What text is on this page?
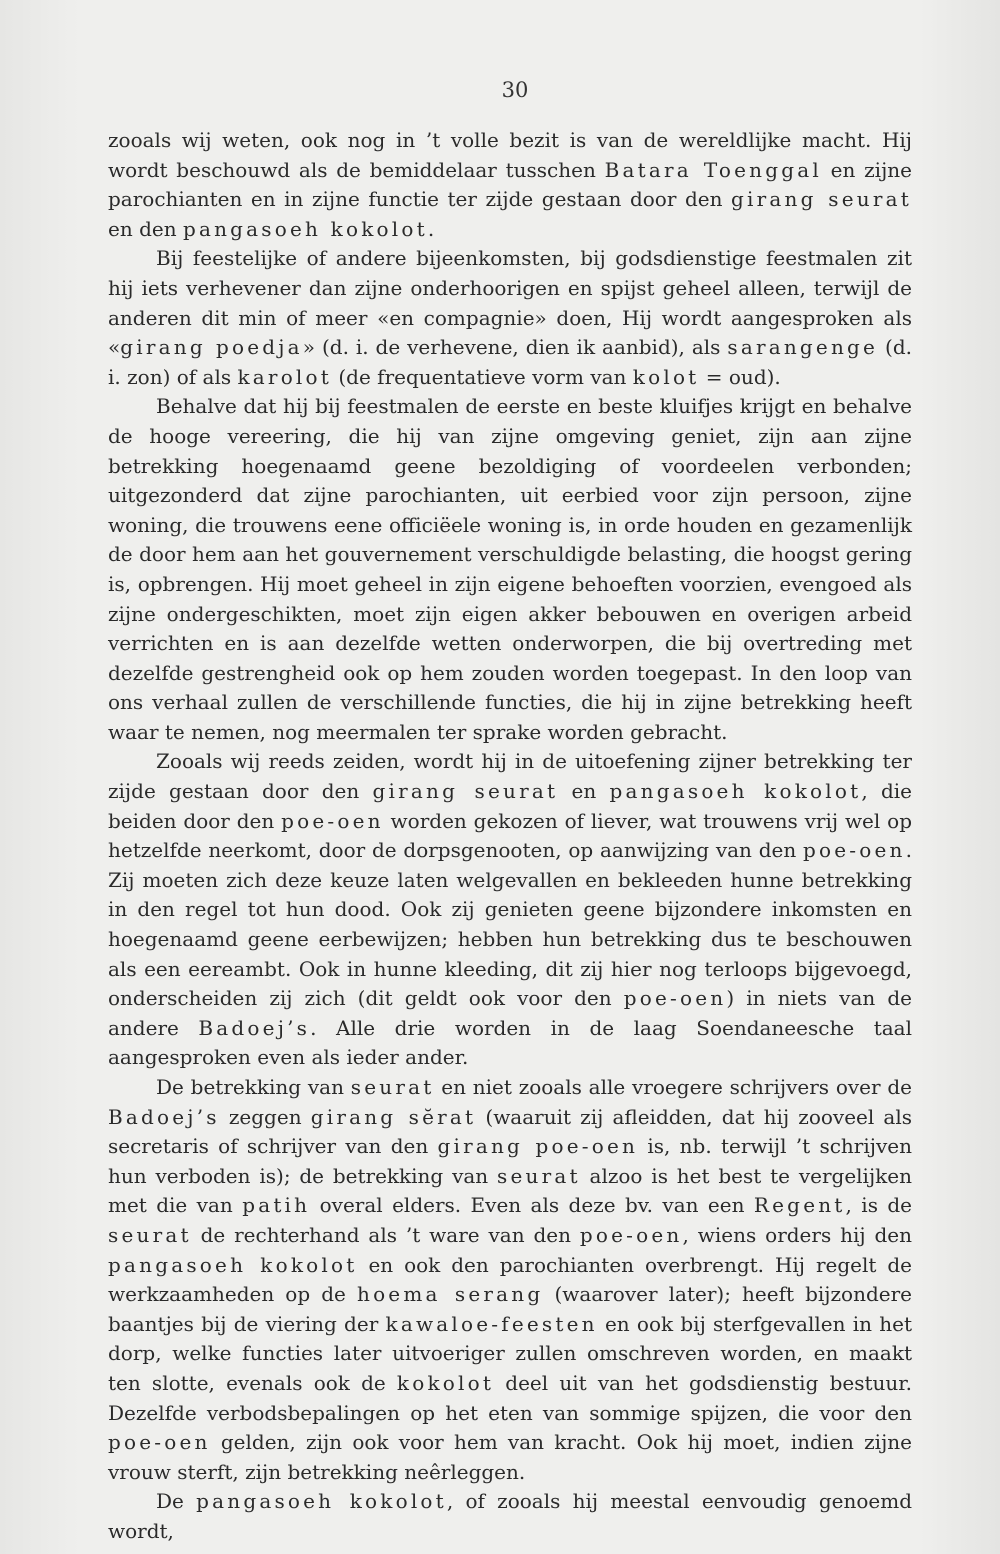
30

zooals wij weten, ook nog in ’t volle bezit is van de wereldlijke macht. Hij wordt beschouwd als de bemiddelaar tusschen Batara Toenggal en zijne parochianten en in zijne functie ter zijde gestaan door den girang seurat en den pangasoeh kokolot.

Bij feestelijke of andere bijeenkomsten, bij godsdienstige feestmalen zit hij iets verhevener dan zijne onderhoorigen en spijst geheel alleen, terwijl de anderen dit min of meer «en compagnie» doen, Hij wordt aangesproken als «girang poedja» (d. i. de verhevene, dien ik aanbid), als sarangenge (d. i. zon) of als karolot (de frequentatieve vorm van kolot = oud).

Behalve dat hij bij feestmalen de eerste en beste kluifjes krijgt en behalve de hooge vereering, die hij van zijne omgeving geniet, zijn aan zijne betrekking hoegenaamd geene bezoldiging of voordeelen verbonden; uitgezonderd dat zijne parochianten, uit eerbied voor zijn persoon, zijne woning, die trouwens eene officiëele woning is, in orde houden en gezamenlijk de door hem aan het gouvernement verschuldigde belasting, die hoogst gering is, opbrengen. Hij moet geheel in zijn eigene behoeften voorzien, evengoed als zijne ondergeschikten, moet zijn eigen akker bebouwen en overigen arbeid verrichten en is aan dezelfde wetten onderworpen, die bij overtreding met dezelfde gestrengheid ook op hem zouden worden toegepast. In den loop van ons verhaal zullen de verschillende functies, die hij in zijne betrekking heeft waar te nemen, nog meermalen ter sprake worden gebracht.

Zooals wij reeds zeiden, wordt hij in de uitoefening zijner betrekking ter zijde gestaan door den girang seurat en pangasoeh kokolot, die beiden door den poe-oen worden gekozen of liever, wat trouwens vrij wel op hetzelfde neerkomt, door de dorpsgenooten, op aanwijzing van den poe-oen. Zij moeten zich deze keuze laten welgevallen en bekleeden hunne betrekking in den regel tot hun dood. Ook zij genieten geene bijzondere inkomsten en hoegenaamd geene eerbewijzen; hebben hun betrekking dus te beschouwen als een eereambt. Ook in hunne kleeding, dit zij hier nog terloops bijgevoegd, onderscheiden zij zich (dit geldt ook voor den poe-oen) in niets van de andere Badoej’s. Alle drie worden in de laag Soendaneesche taal aangesproken even als ieder ander.

De betrekking van seurat en niet zooals alle vroegere schrijvers over de Badoej’s zeggen girang sĕrat (waaruit zij afleidden, dat hij zooveel als secretaris of schrijver van den girang poe-oen is, nb. terwijl ’t schrijven hun verboden is); de betrekking van seurat alzoo is het best te vergelijken met die van patih overal elders. Even als deze bv. van een Regent, is de seurat de rechterhand als ’t ware van den poe-oen, wiens orders hij den pangasoeh kokolot en ook den parochianten overbrengt. Hij regelt de werkzaamheden op de hoema serang (waarover later); heeft bijzondere baantjes bij de viering der kawaloe-feesten en ook bij sterfgevallen in het dorp, welke functies later uitvoeriger zullen omschreven worden, en maakt ten slotte, evenals ook de kokolot deel uit van het godsdienstig bestuur. Dezelfde verbodsbepalingen op het eten van sommige spijzen, die voor den poe-oen gelden, zijn ook voor hem van kracht. Ook hij moet, indien zijne vrouw sterft, zijn betrekking neêrleggen.

De pangasoeh kokolot, of zooals hij meestal eenvoudig genoemd wordt,
